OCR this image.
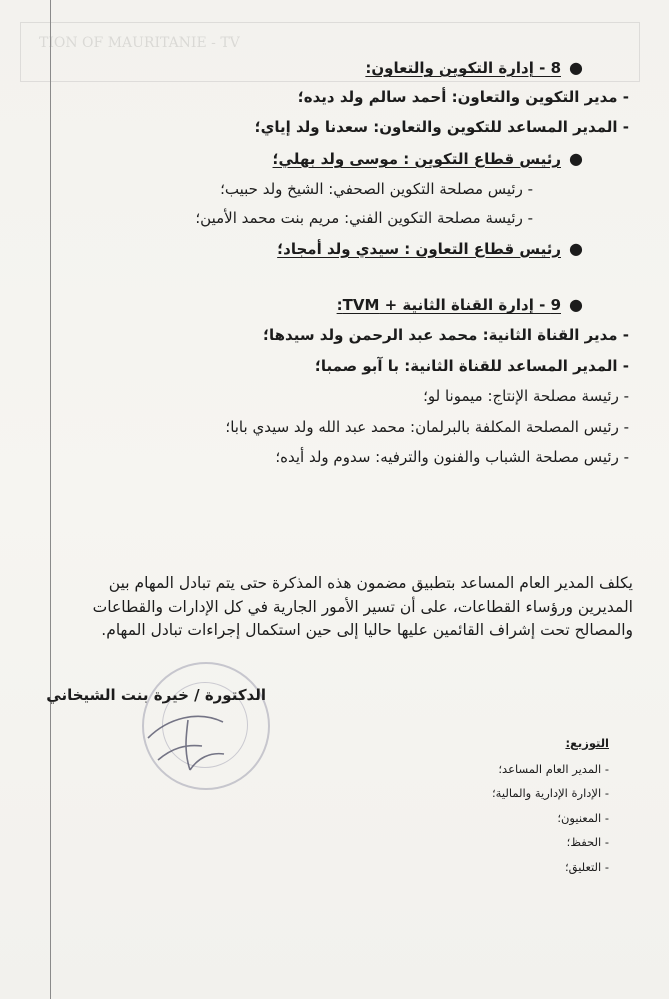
TION OF MAURITANIE - TV
●8 - إدارة التكوين والتعاون:
- مدير التكوين والتعاون: أحمد سالم ولد ديده؛
- المدير المساعد للتكوين والتعاون: سعدنا ولد إياي؛
●رئيس قطاع التكوين : موسى ولد بهلي؛
- رئيس مصلحة التكوين الصحفي: الشيخ ولد حبيب؛
- رئيسة مصلحة التكوين الفني: مريم بنت محمد الأمين؛
●رئيس قطاع التعاون : سيدي ولد أمجاد؛
●9 - إدارة القناة الثانية + TVM:
- مدير القناة الثانية: محمد عبد الرحمن ولد سيدها؛
- المدير المساعد للقناة الثانية: با آبو صمبا؛
- رئيسة مصلحة الإنتاج: ميمونا لو؛
- رئيس المصلحة المكلفة بالبرلمان: محمد عبد الله ولد سيدي بابا؛
- رئيس مصلحة الشباب والفنون والترفيه: سدوم ولد أيده؛
يكلف المدير العام المساعد بتطبيق مضمون هذه المذكرة حتى يتم تبادل المهام بين المديرين ورؤساء القطاعات، على أن تسير الأمور الجارية في كل الإدارات والقطاعات والمصالح تحت إشراف القائمين عليها حاليا إلى حين استكمال إجراءات تبادل المهام.
الدكتورة / خيرة بنت الشيخاني
التوزيع:
- المدير العام المساعد؛
- الإدارة الإدارية والمالية؛
- المعنيون؛
- الحفظ؛
- التعليق؛
